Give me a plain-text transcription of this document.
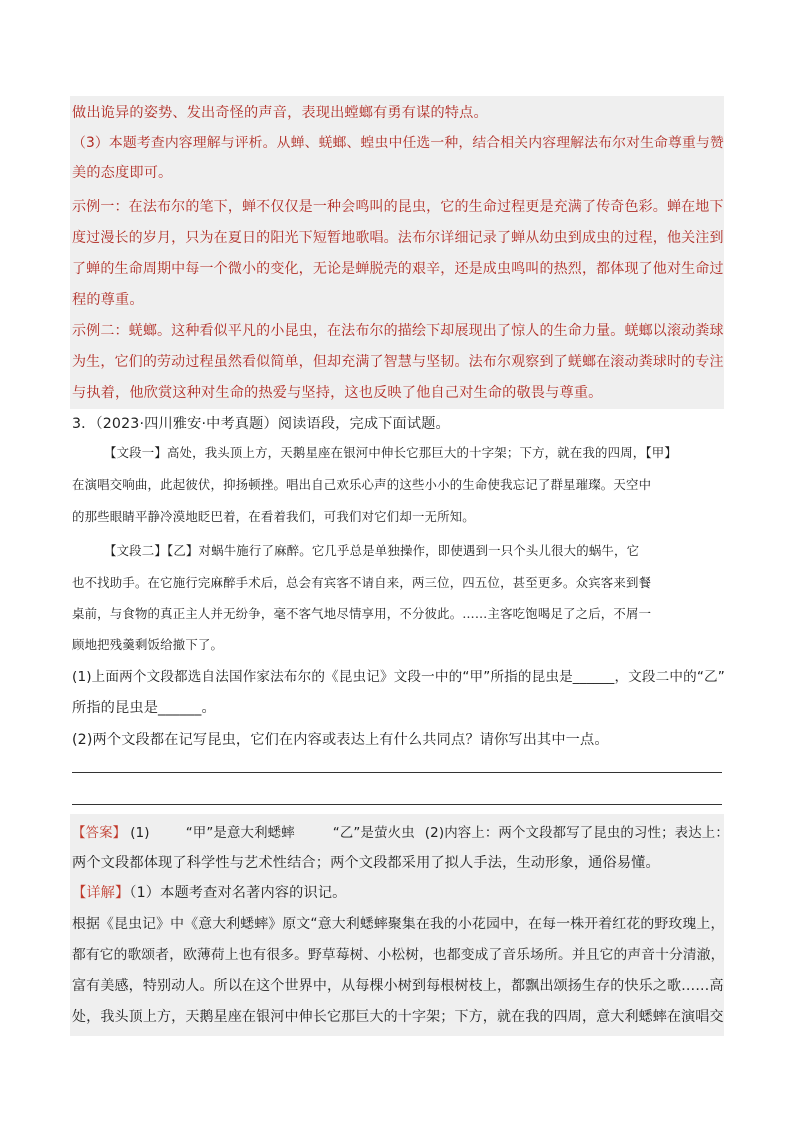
做出诡异的姿势、发出奇怪的声音，表现出螳螂有勇有谋的特点。
（3）本题考查内容理解与评析。从蝉、蜣螂、蝗虫中任选一种，结合相关内容理解法布尔对生命尊重与赞
美的态度即可。
示例一：在法布尔的笔下，蝉不仅仅是一种会鸣叫的昆虫，它的生命过程更是充满了传奇色彩。蝉在地下
度过漫长的岁月，只为在夏日的阳光下短暂地歌唱。法布尔详细记录了蝉从幼虫到成虫的过程，他关注到
了蝉的生命周期中每一个微小的变化，无论是蝉脱壳的艰辛，还是成虫鸣叫的热烈，都体现了他对生命过
程的尊重。
示例二：蜣螂。这种看似平凡的小昆虫，在法布尔的描绘下却展现出了惊人的生命力量。蜣螂以滚动粪球
为生，它们的劳动过程虽然看似简单，但却充满了智慧与坚韧。法布尔观察到了蜣螂在滚动粪球时的专注
与执着，他欣赏这种对生命的热爱与坚持，这也反映了他自己对生命的敬畏与尊重。
3．（2023·四川雅安·中考真题）阅读语段，完成下面试题。
【文段一】高处，我头顶上方，天鹅星座在银河中伸长它那巨大的十字架；下方，就在我的四周，【甲】
在演唱交响曲，此起彼伏，抑扬顿挫。唱出自己欢乐心声的这些小小的生命使我忘记了群星璀璨。天空中
的那些眼睛平静冷漠地眨巴着，在看着我们，可我们对它们却一无所知。
【文段二】【乙】对蜗牛施行了麻醉。它几乎总是单独操作，即使遇到一只个头儿很大的蜗牛，它
也不找助手。在它施行完麻醉手术后，总会有宾客不请自来，两三位，四五位，甚至更多。众宾客来到餐
桌前，与食物的真正主人并无纷争，毫不客气地尽情享用，不分彼此。……主客吃饱喝足了之后，不屑一
顾地把残羹剩饭给撤下了。
(1)上面两个文段都选自法国作家法布尔的《昆虫记》文段一中的“甲”所指的昆虫是______，文段二中的“乙”
所指的昆虫是______。
(2)两个文段都在记写昆虫，它们在内容或表达上有什么共同点？请你写出其中一点。
【答案】 (1)	“甲”是意大利蟋蟀	“乙”是萤火虫 (2)内容上：两个文段都写了昆虫的习性；表达上：
两个文段都体现了科学性与艺术性结合；两个文段都采用了拟人手法，生动形象，通俗易懂。
【详解】（1）本题考查对名著内容的识记。
根据《昆虫记》中《意大利蟋蟀》原文“意大利蟋蟀聚集在我的小花园中，在每一株开着红花的野玫瑰上，
都有它的歌颂者，欧薄荷上也有很多。野草莓树、小松树，也都变成了音乐场所。并且它的声音十分清澈，
富有美感，特别动人。所以在这个世界中，从每棵小树到每根树枝上，都飘出颂扬生存的快乐之歌……高
处，我头顶上方，天鹅星座在银河中伸长它那巨大的十字架；下方，就在我的四周，意大利蟋蟀在演唱交
